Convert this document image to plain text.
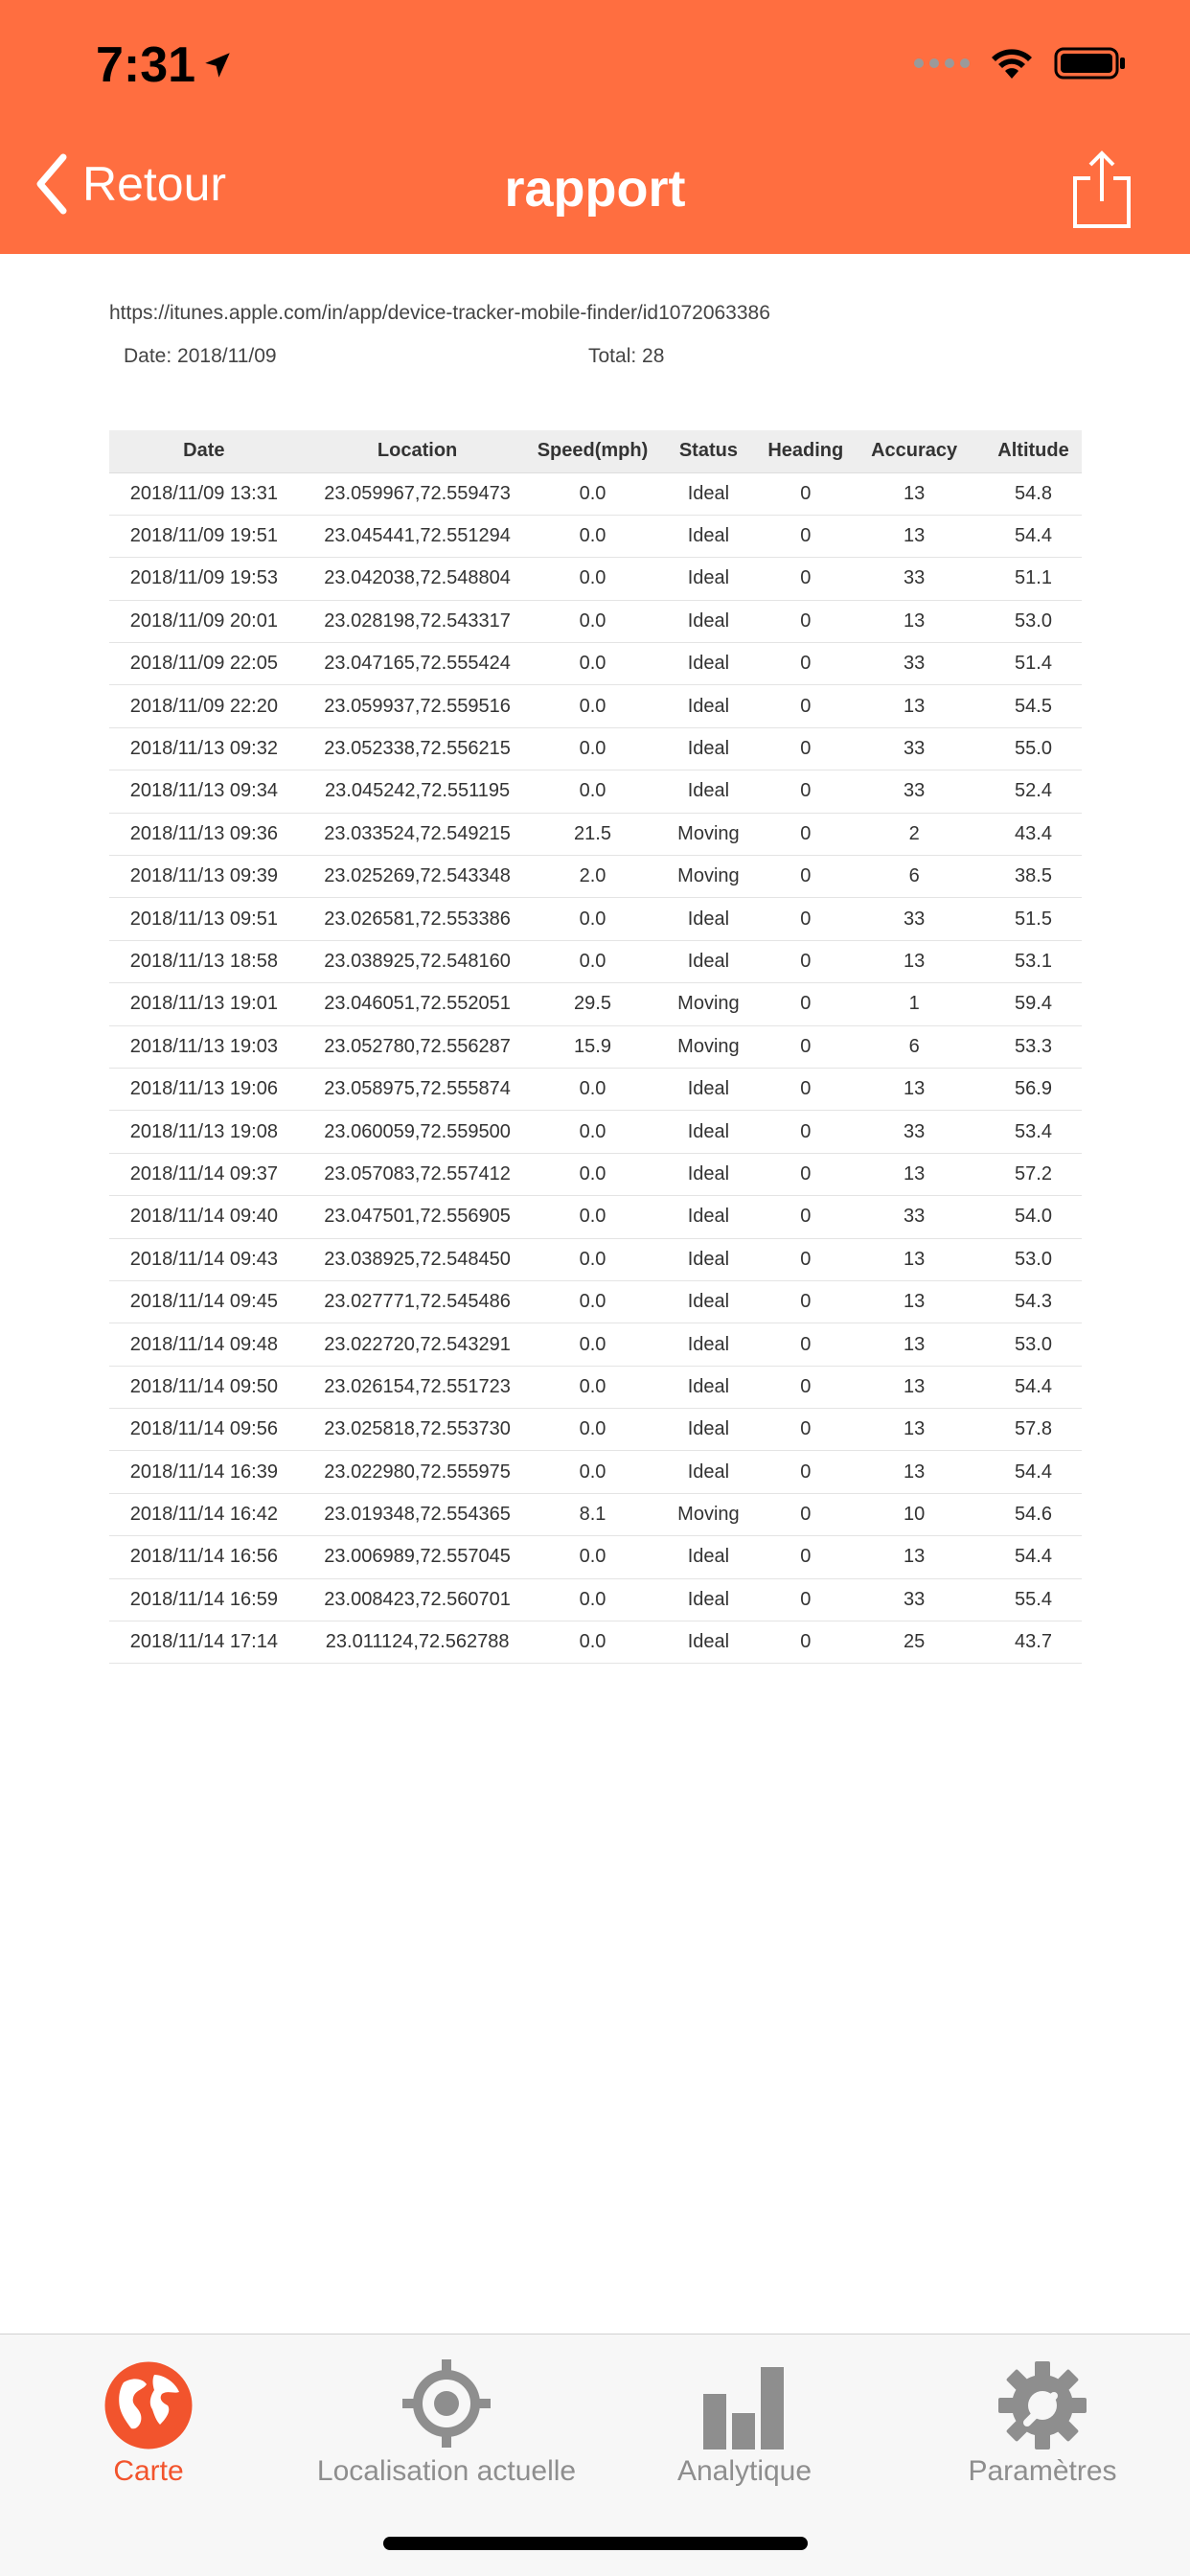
7:31
Retour	rapport
https://itunes.apple.com/in/app/device-tracker-mobile-finder/id1072063386
Date: 2018/11/09	Total: 28
Date	Location	Speed(mph)	Status	Heading	Accuracy	Altitude
2018/11/09 13:31	23.059967,72.559473	0.0	Ideal	0	13	54.8
2018/11/09 19:51	23.045441,72.551294	0.0	Ideal	0	13	54.4
2018/11/09 19:53	23.042038,72.548804	0.0	Ideal	0	33	51.1
2018/11/09 20:01	23.028198,72.543317	0.0	Ideal	0	13	53.0
2018/11/09 22:05	23.047165,72.555424	0.0	Ideal	0	33	51.4
2018/11/09 22:20	23.059937,72.559516	0.0	Ideal	0	13	54.5
2018/11/13 09:32	23.052338,72.556215	0.0	Ideal	0	33	55.0
2018/11/13 09:34	23.045242,72.551195	0.0	Ideal	0	33	52.4
2018/11/13 09:36	23.033524,72.549215	21.5	Moving	0	2	43.4
2018/11/13 09:39	23.025269,72.543348	2.0	Moving	0	6	38.5
2018/11/13 09:51	23.026581,72.553386	0.0	Ideal	0	33	51.5
2018/11/13 18:58	23.038925,72.548160	0.0	Ideal	0	13	53.1
2018/11/13 19:01	23.046051,72.552051	29.5	Moving	0	1	59.4
2018/11/13 19:03	23.052780,72.556287	15.9	Moving	0	6	53.3
2018/11/13 19:06	23.058975,72.555874	0.0	Ideal	0	13	56.9
2018/11/13 19:08	23.060059,72.559500	0.0	Ideal	0	33	53.4
2018/11/14 09:37	23.057083,72.557412	0.0	Ideal	0	13	57.2
2018/11/14 09:40	23.047501,72.556905	0.0	Ideal	0	33	54.0
2018/11/14 09:43	23.038925,72.548450	0.0	Ideal	0	13	53.0
2018/11/14 09:45	23.027771,72.545486	0.0	Ideal	0	13	54.3
2018/11/14 09:48	23.022720,72.543291	0.0	Ideal	0	13	53.0
2018/11/14 09:50	23.026154,72.551723	0.0	Ideal	0	13	54.4
2018/11/14 09:56	23.025818,72.553730	0.0	Ideal	0	13	57.8
2018/11/14 16:39	23.022980,72.555975	0.0	Ideal	0	13	54.4
2018/11/14 16:42	23.019348,72.554365	8.1	Moving	0	10	54.6
2018/11/14 16:56	23.006989,72.557045	0.0	Ideal	0	13	54.4
2018/11/14 16:59	23.008423,72.560701	0.0	Ideal	0	33	55.4
2018/11/14 17:14	23.011124,72.562788	0.0	Ideal	0	25	43.7
Carte	Localisation actuelle	Analytique	Paramètres
